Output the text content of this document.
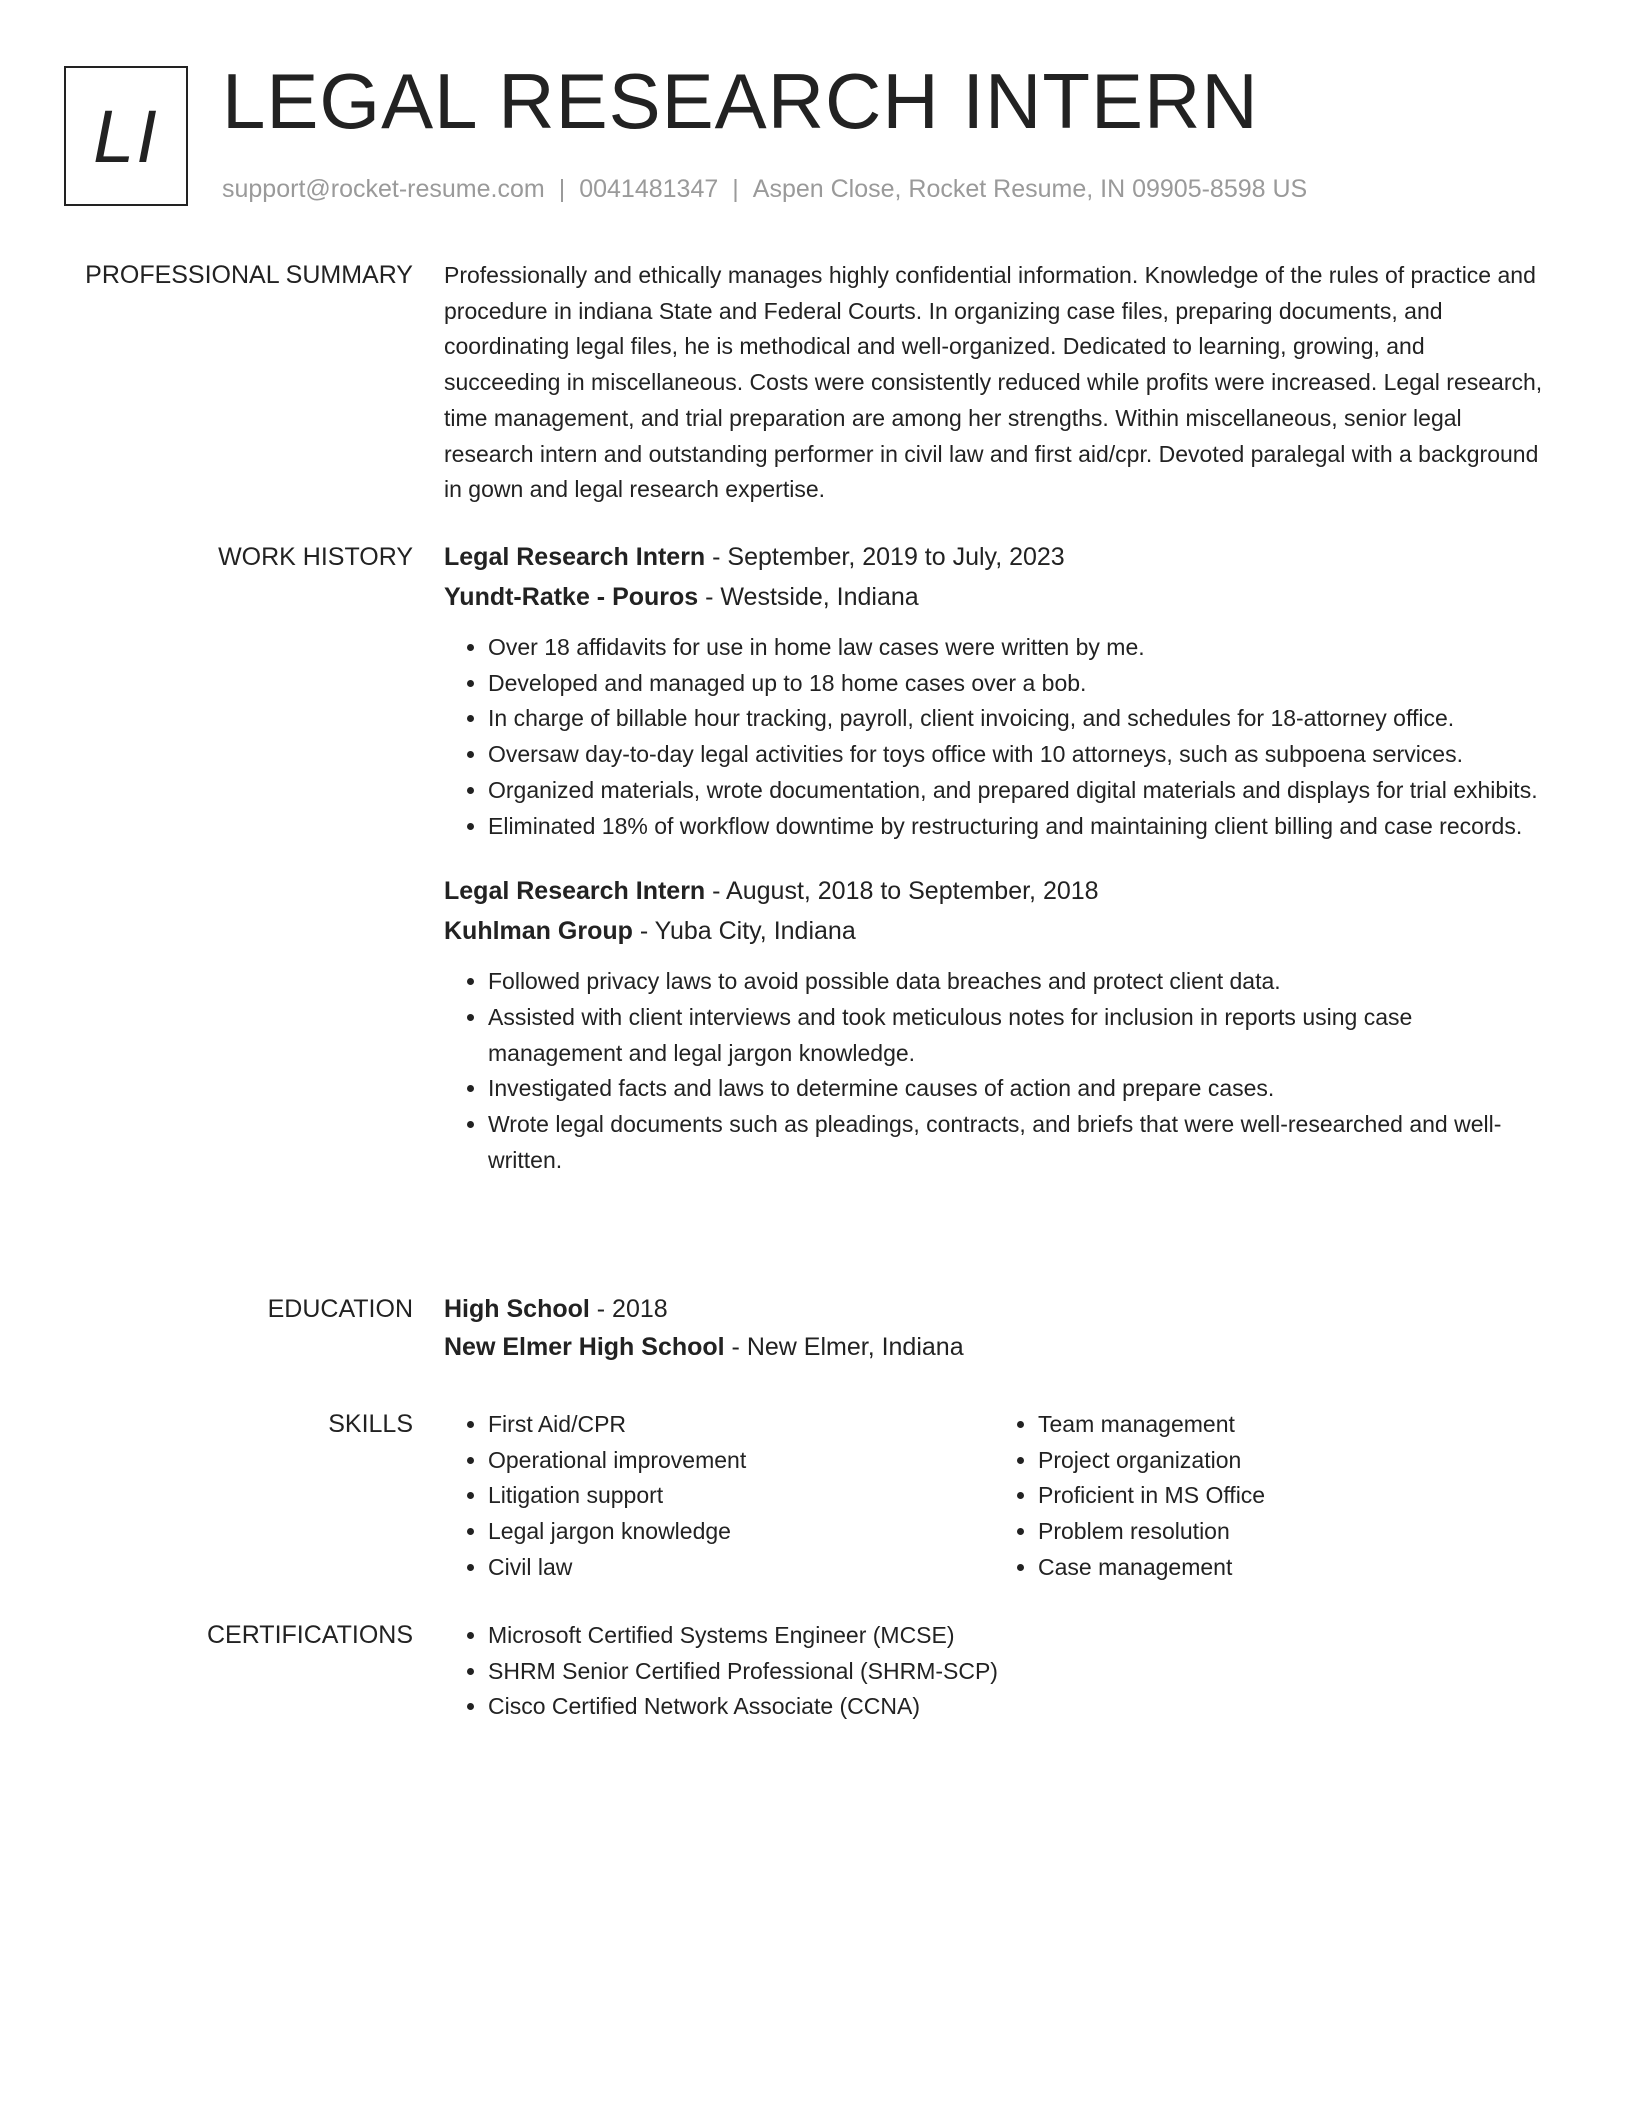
LI LEGAL RESEARCH INTERN
support@rocket-resume.com | 0041481347 | Aspen Close, Rocket Resume, IN 09905-8598 US
PROFESSIONAL SUMMARY Professionally and ethically manages highly confidential information. Knowledge of the rules of practice and procedure in indiana State and Federal Courts. In organizing case files, preparing documents, and coordinating legal files, he is methodical and well-organized. Dedicated to learning, growing, and succeeding in miscellaneous. Costs were consistently reduced while profits were increased. Legal research, time management, and trial preparation are among her strengths. Within miscellaneous, senior legal research intern and outstanding performer in civil law and first aid/cpr. Devoted paralegal with a background in gown and legal research expertise.

WORK HISTORY Legal Research Intern - September, 2019 to July, 2023
Yundt-Ratke - Pouros - Westside, Indiana
• Over 18 affidavits for use in home law cases were written by me.
• Developed and managed up to 18 home cases over a bob.
• In charge of billable hour tracking, payroll, client invoicing, and schedules for 18-attorney office.
• Oversaw day-to-day legal activities for toys office with 10 attorneys, such as subpoena services.
• Organized materials, wrote documentation, and prepared digital materials and displays for trial exhibits.
• Eliminated 18% of workflow downtime by restructuring and maintaining client billing and case records.
Legal Research Intern - August, 2018 to September, 2018
Kuhlman Group - Yuba City, Indiana
• Followed privacy laws to avoid possible data breaches and protect client data.
• Assisted with client interviews and took meticulous notes for inclusion in reports using case management and legal jargon knowledge.
• Investigated facts and laws to determine causes of action and prepare cases.
• Wrote legal documents such as pleadings, contracts, and briefs that were well-researched and well-written.
EDUCATION High School - 2018
New Elmer High School - New Elmer, Indiana
SKILLS	• First Aid/CPR
• Operational improvement
• Litigation support
• Legal jargon knowledge
• Civil law
• Team management
• Project organization
• Proficient in MS Office
• Problem resolution
• Case management
CERTIFICATIONS	• Microsoft Certified Systems Engineer (MCSE)
• SHRM Senior Certified Professional (SHRM-SCP)
• Cisco Certified Network Associate (CCNA)
